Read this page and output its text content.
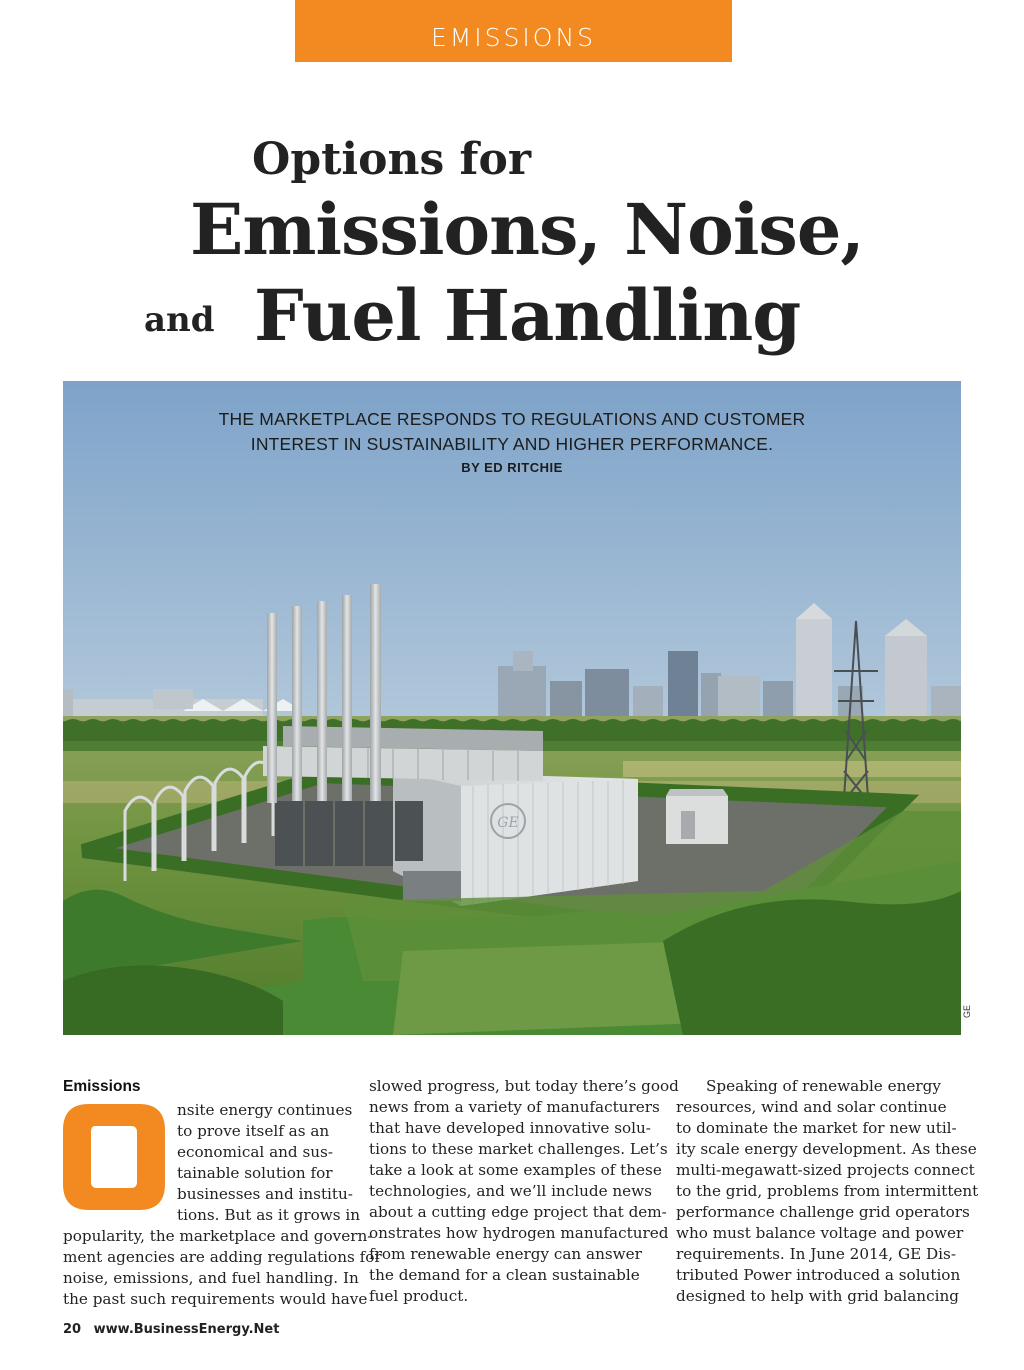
EMISSIONS
Options for
Emissions, Noise,
and Fuel Handling
GE
THE MARKETPLACE RESPONDS TO REGULATIONS AND CUSTOMER
INTEREST IN SUSTAINABILITY AND HIGHER PERFORMANCE.
BY ED RITCHIE
GE
Emissions

nsite energy continues
to prove itself as an
economical and sus-
tainable solution for
businesses and institu-
tions. But as it grows in
popularity, the marketplace and govern-
ment agencies are adding regulations for
noise, emissions, and fuel handling. In
the past such requirements would have

slowed progress, but today there’s good
news from a variety of manufacturers
that have developed innovative solu-
tions to these market challenges. Let’s
take a look at some examples of these
technologies, and we’ll include news
about a cutting edge project that dem-
onstrates how hydrogen manufactured
from renewable energy can answer
the demand for a clean sustainable
fuel product.

Speaking of renewable energy
resources, wind and solar continue
to dominate the market for new util-
ity scale energy development. As these
multi-megawatt-sized projects connect
to the grid, problems from intermittent
performance challenge grid operators
who must balance voltage and power
requirements. In June 2014, GE Dis-
tributed Power introduced a solution
designed to help with grid balancing

20 www.BusinessEnergy.Net
